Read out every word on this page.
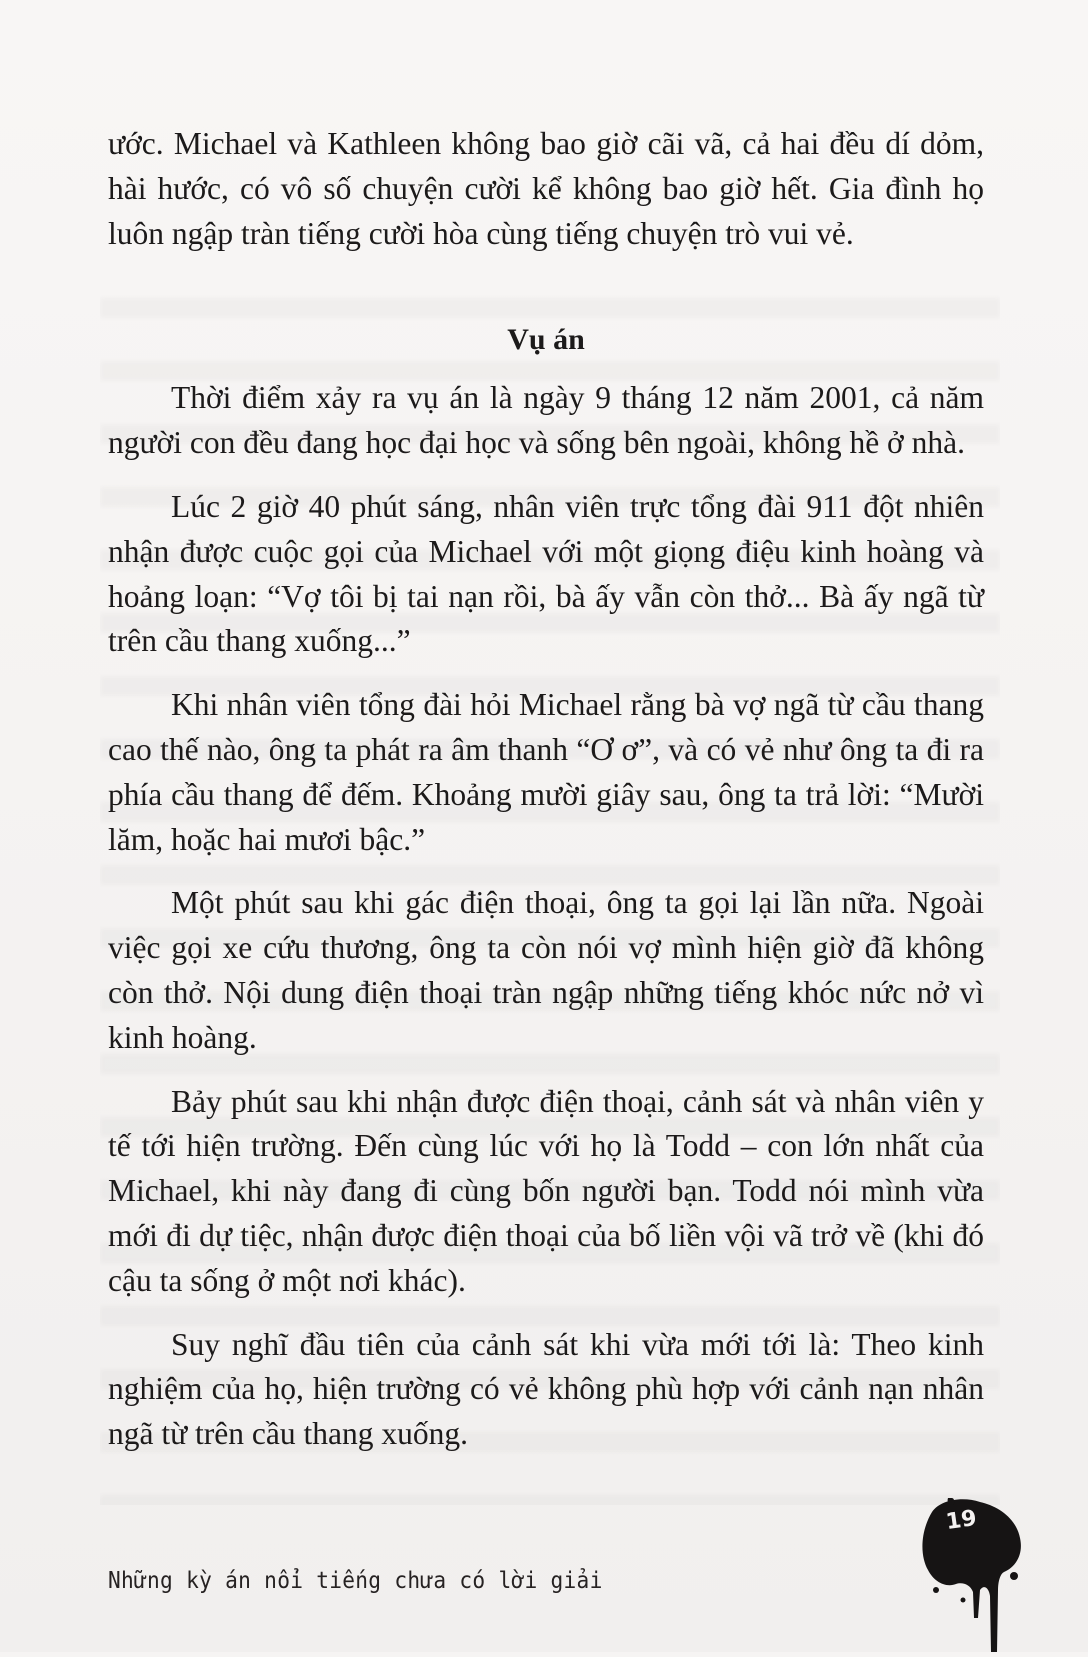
ước. Michael và Kathleen không bao giờ cãi vã, cả hai đều dí dỏm, hài hước, có vô số chuyện cười kể không bao giờ hết. Gia đình họ luôn ngập tràn tiếng cười hòa cùng tiếng chuyện trò vui vẻ.

Vụ án

Thời điểm xảy ra vụ án là ngày 9 tháng 12 năm 2001, cả năm người con đều đang học đại học và sống bên ngoài, không hề ở nhà.

Lúc 2 giờ 40 phút sáng, nhân viên trực tổng đài 911 đột nhiên nhận được cuộc gọi của Michael với một giọng điệu kinh hoàng và hoảng loạn: “Vợ tôi bị tai nạn rồi, bà ấy vẫn còn thở... Bà ấy ngã từ trên cầu thang xuống...”

Khi nhân viên tổng đài hỏi Michael rằng bà vợ ngã từ cầu thang cao thế nào, ông ta phát ra âm thanh “Ơ ơ”, và có vẻ như ông ta đi ra phía cầu thang để đếm. Khoảng mười giây sau, ông ta trả lời: “Mười lăm, hoặc hai mươi bậc.”

Một phút sau khi gác điện thoại, ông ta gọi lại lần nữa. Ngoài việc gọi xe cứu thương, ông ta còn nói vợ mình hiện giờ đã không còn thở. Nội dung điện thoại tràn ngập những tiếng khóc nức nở vì kinh hoàng.

Bảy phút sau khi nhận được điện thoại, cảnh sát và nhân viên y tế tới hiện trường. Đến cùng lúc với họ là Todd – con lớn nhất của Michael, khi này đang đi cùng bốn người bạn. Todd nói mình vừa mới đi dự tiệc, nhận được điện thoại của bố liền vội vã trở về (khi đó cậu ta sống ở một nơi khác).

Suy nghĩ đầu tiên của cảnh sát khi vừa mới tới là: Theo kinh nghiệm của họ, hiện trường có vẻ không phù hợp với cảnh nạn nhân ngã từ trên cầu thang xuống.

Những kỳ án nổi tiếng chưa có lời giải
19
